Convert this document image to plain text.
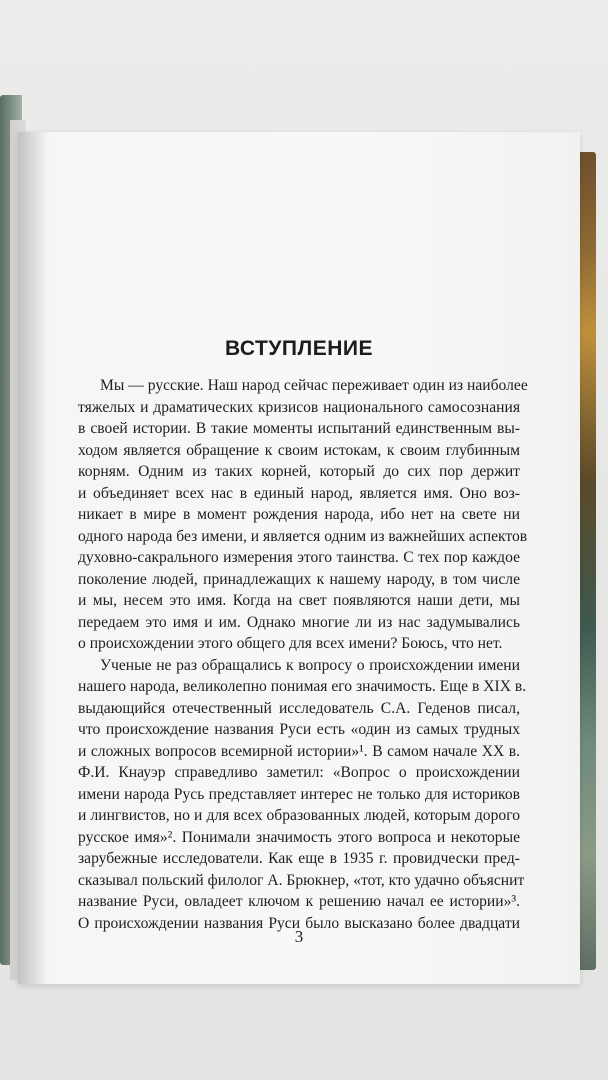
ВСТУПЛЕНИЕ
Мы — русские. Наш народ сейчас переживает один из наиболее
тяжелых и драматических кризисов национального самосознания
в своей истории. В такие моменты испытаний единственным вы-
ходом является обращение к своим истокам, к своим глубинным
корням. Одним из таких корней, который до сих пор держит
и объединяет всех нас в единый народ, является имя. Оно воз-
никает в мире в момент рождения народа, ибо нет на свете ни
одного народа без имени, и является одним из важнейших аспектов
духовно-сакрального измерения этого таинства. С тех пор каждое
поколение людей, принадлежащих к нашему народу, в том числе
и мы, несем это имя. Когда на свет появляются наши дети, мы
передаем это имя и им. Однако многие ли из нас задумывались
о происхождении этого общего для всех имени? Боюсь, что нет.
Ученые не раз обращались к вопросу о происхождении имени
нашего народа, великолепно понимая его значимость. Еще в XIX в.
выдающийся отечественный исследователь С.А. Геденов писал,
что происхождение названия Руси есть «один из самых трудных
и сложных вопросов всемирной истории»¹. В самом начале XX в.
Ф.И. Кнауэр справедливо заметил: «Вопрос о происхождении
имени народа Русь представляет интерес не только для историков
и лингвистов, но и для всех образованных людей, которым дорого
русское имя»². Понимали значимость этого вопроса и некоторые
зарубежные исследователи. Как еще в 1935 г. провидчески пред-
сказывал польский филолог А. Брюкнер, «тот, кто удачно объяснит
название Руси, овладеет ключом к решению начал ее истории»³.
О происхождении названия Руси было высказано более двадцати
3
